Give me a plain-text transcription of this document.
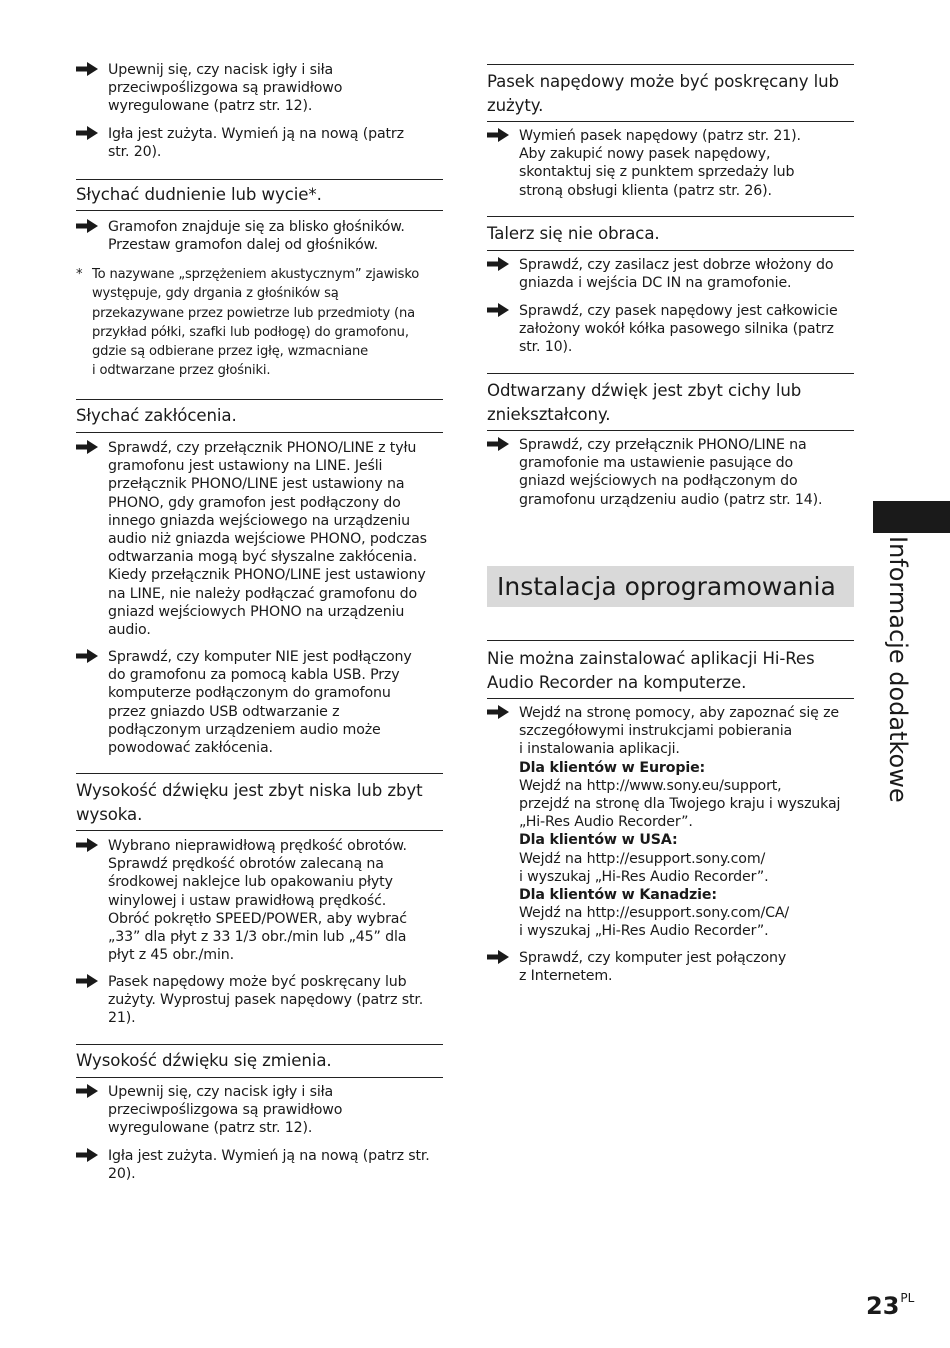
Upewnij się, czy nacisk igły i siła
przeciwpoślizgowa są prawidłowo
wyregulowane (patrz str. 12).
Igła jest zużyta. Wymień ją na nową (patrz
str. 20).
Słychać dudnienie lub wycie*.
Gramofon znajduje się za blisko głośników.
Przestaw gramofon dalej od głośników.
* To nazywane „sprzężeniem akustycznym” zjawisko
występuje, gdy drgania z głośników są
przekazywane przez powietrze lub przedmioty (na
przykład półki, szafki lub podłogę) do gramofonu,
gdzie są odbierane przez igłę, wzmacniane
i odtwarzane przez głośniki.
Słychać zakłócenia.
Sprawdź, czy przełącznik PHONO/LINE z tyłu
gramofonu jest ustawiony na LINE. Jeśli
przełącznik PHONO/LINE jest ustawiony na
PHONO, gdy gramofon jest podłączony do
innego gniazda wejściowego na urządzeniu
audio niż gniazda wejściowe PHONO, podczas
odtwarzania mogą być słyszalne zakłócenia.
Kiedy przełącznik PHONO/LINE jest ustawiony
na LINE, nie należy podłączać gramofonu do
gniazd wejściowych PHONO na urządzeniu
audio.
Sprawdź, czy komputer NIE jest podłączony
do gramofonu za pomocą kabla USB. Przy
komputerze podłączonym do gramofonu
przez gniazdo USB odtwarzanie z
podłączonym urządzeniem audio może
powodować zakłócenia.
Wysokość dźwięku jest zbyt niska lub zbyt
wysoka.
Wybrano nieprawidłową prędkość obrotów.
Sprawdź prędkość obrotów zalecaną na
środkowej naklejce lub opakowaniu płyty
winylowej i ustaw prawidłową prędkość.
Obróć pokrętło SPEED/POWER, aby wybrać
„33” dla płyt z 33 1/3 obr./min lub „45” dla
płyt z 45 obr./min.
Pasek napędowy może być poskręcany lub
zużyty. Wyprostuj pasek napędowy (patrz str.
21).
Wysokość dźwięku się zmienia.
Upewnij się, czy nacisk igły i siła
przeciwpoślizgowa są prawidłowo
wyregulowane (patrz str. 12).
Igła jest zużyta. Wymień ją na nową (patrz str.
20).
Pasek napędowy może być poskręcany lub
zużyty.
Wymień pasek napędowy (patrz str. 21).
Aby zakupić nowy pasek napędowy,
skontaktuj się z punktem sprzedaży lub
stroną obsługi klienta (patrz str. 26).
Talerz się nie obraca.
Sprawdź, czy zasilacz jest dobrze włożony do
gniazda i wejścia DC IN na gramofonie.
Sprawdź, czy pasek napędowy jest całkowicie
założony wokół kółka pasowego silnika (patrz
str. 10).
Odtwarzany dźwięk jest zbyt cichy lub
zniekształcony.
Sprawdź, czy przełącznik PHONO/LINE na
gramofonie ma ustawienie pasujące do
gniazd wejściowych na podłączonym do
gramofonu urządzeniu audio (patrz str. 14).
Nie można zainstalować aplikacji Hi-Res
Audio Recorder na komputerze.
Wejdź na stronę pomocy, aby zapoznać się ze
szczegółowymi instrukcjami pobierania
i instalowania aplikacji.
Dla klientów w Europie:
Wejdź na http://www.sony.eu/support,
przejdź na stronę dla Twojego kraju i wyszukaj
„Hi-Res Audio Recorder”.
Dla klientów w USA:
Wejdź na http://esupport.sony.com/
i wyszukaj „Hi-Res Audio Recorder”.
Dla klientów w Kanadzie:
Wejdź na http://esupport.sony.com/CA/
i wyszukaj „Hi-Res Audio Recorder”.
Sprawdź, czy komputer jest połączony
z Internetem.
Instalacja oprogramowania	Informacje dodatkowe
$23^{PL}$
